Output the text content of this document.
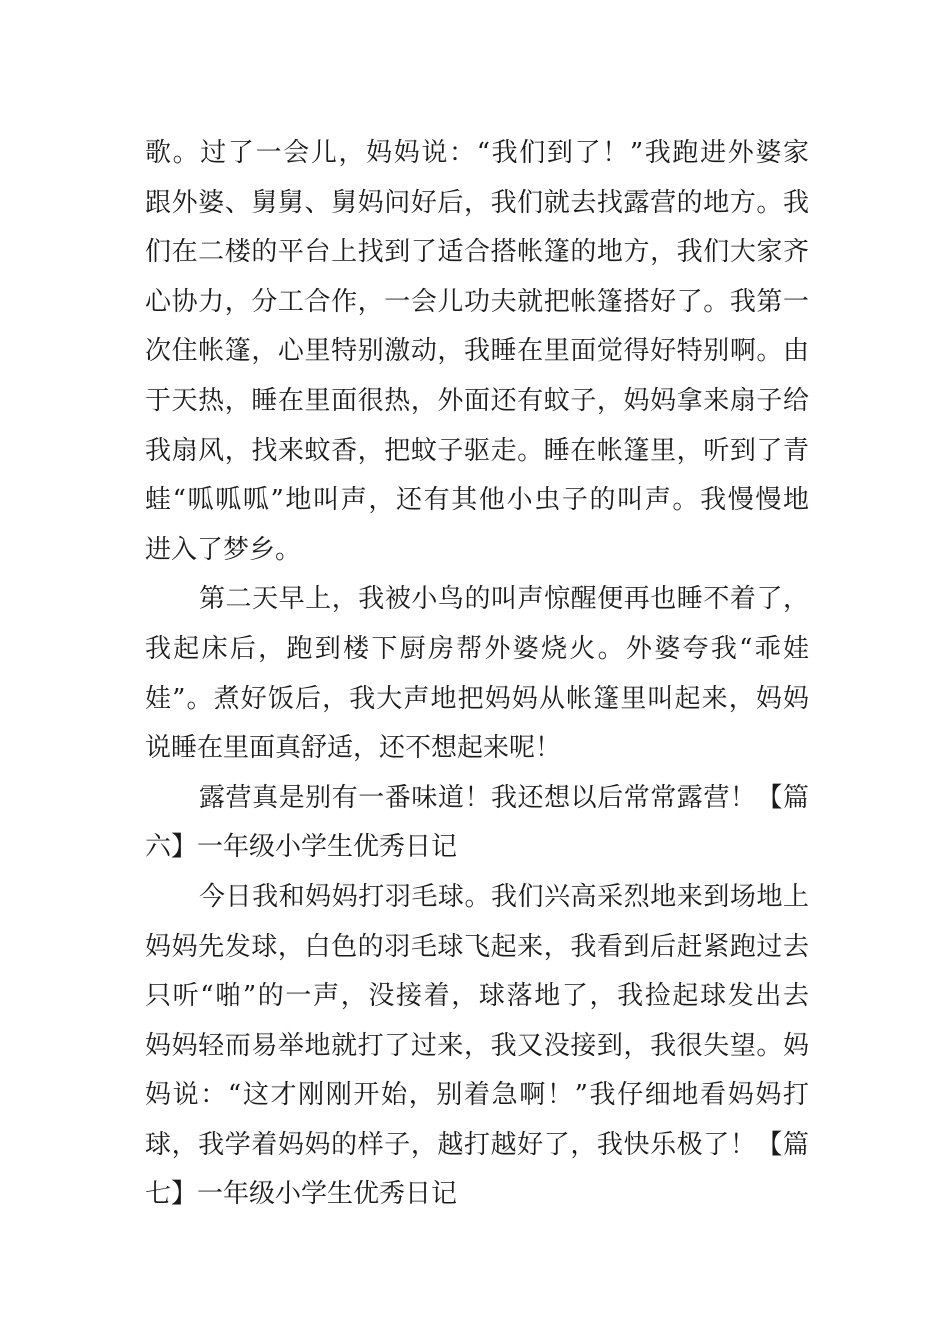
歌。过了一会儿，妈妈说：“我们到了！”我跑进外婆家
跟外婆、舅舅、舅妈问好后，我们就去找露营的地方。我
们在二楼的平台上找到了适合搭帐篷的地方，我们大家齐
心协力，分工合作，一会儿功夫就把帐篷搭好了。我第一
次住帐篷，心里特别激动，我睡在里面觉得好特别啊。由
于天热，睡在里面很热，外面还有蚊子，妈妈拿来扇子给
我扇风，找来蚊香，把蚊子驱走。睡在帐篷里，听到了青
蛙“呱呱呱”地叫声，还有其他小虫子的叫声。我慢慢地
进入了梦乡。
第二天早上，我被小鸟的叫声惊醒便再也睡不着了，
我起床后，跑到楼下厨房帮外婆烧火。外婆夸我“乖娃
娃”。煮好饭后，我大声地把妈妈从帐篷里叫起来，妈妈
说睡在里面真舒适，还不想起来呢！
露营真是别有一番味道！我还想以后常常露营！【篇
六】一年级小学生优秀日记
今日我和妈妈打羽毛球。我们兴高采烈地来到场地上
妈妈先发球，白色的羽毛球飞起来，我看到后赶紧跑过去
只听“啪”的一声，没接着，球落地了，我捡起球发出去
妈妈轻而易举地就打了过来，我又没接到，我很失望。妈
妈说：“这才刚刚开始，别着急啊！”我仔细地看妈妈打
球，我学着妈妈的样子，越打越好了，我快乐极了！【篇
七】一年级小学生优秀日记
